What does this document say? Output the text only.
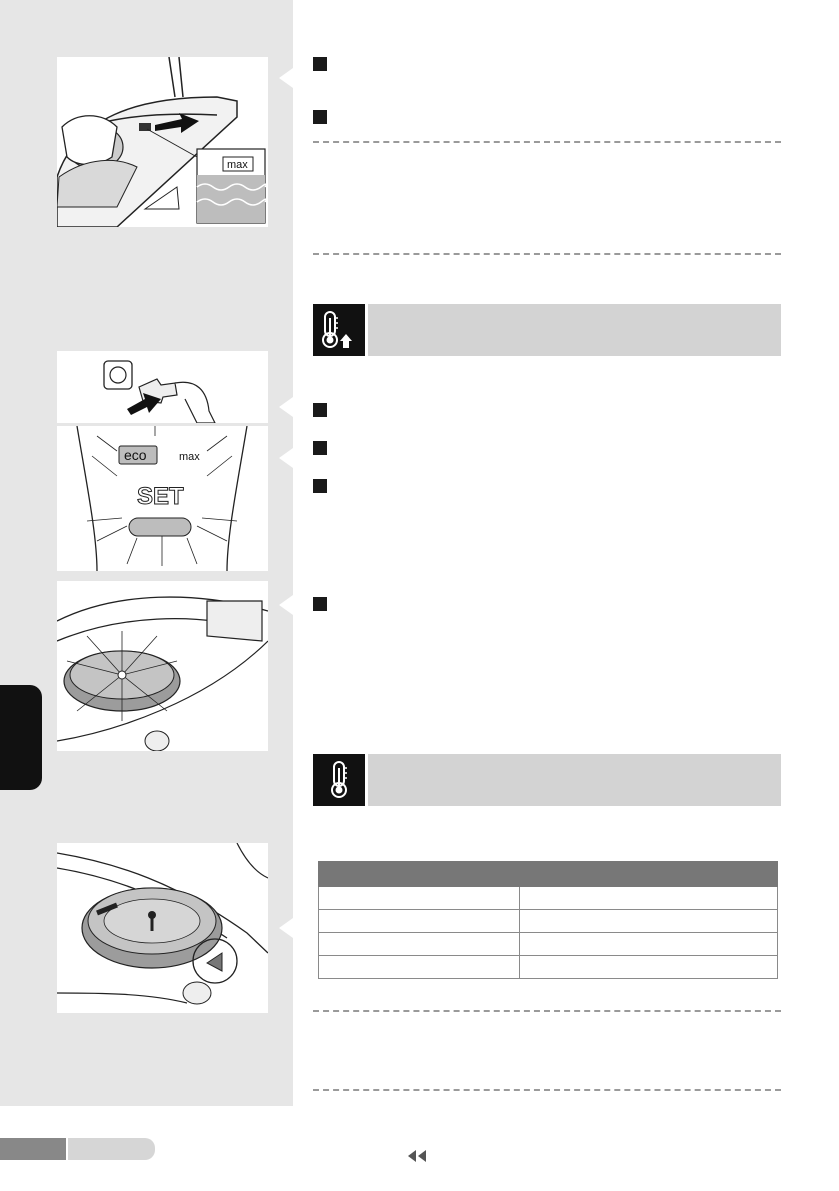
max
eco	max
SET
